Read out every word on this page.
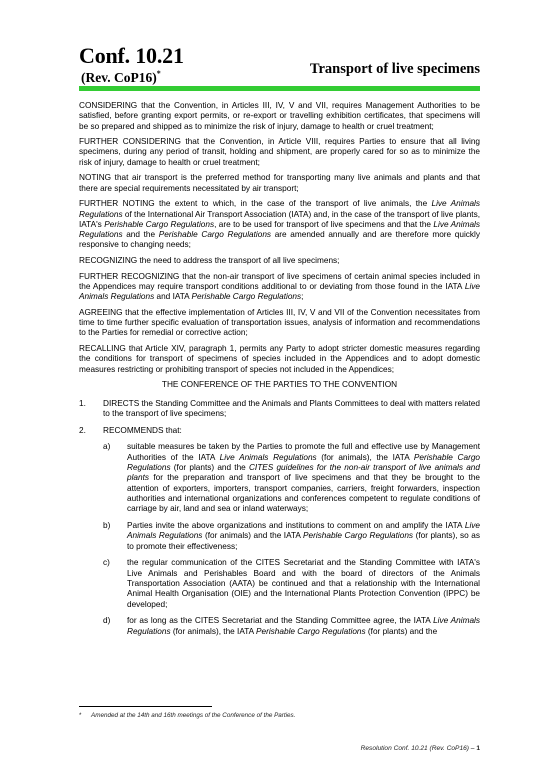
Conf. 10.21
(Rev. CoP16)*	Transport of live specimens

CONSIDERING that the Convention, in Articles III, IV, V and VII, requires Management Authorities to be satisfied, before granting export permits, or re-export or travelling exhibition certificates, that specimens will be so prepared and shipped as to minimize the risk of injury, damage to health or cruel treatment;

FURTHER CONSIDERING that the Convention, in Article VIII, requires Parties to ensure that all living specimens, during any period of transit, holding and shipment, are properly cared for so as to minimize the risk of injury, damage to health or cruel treatment;

NOTING that air transport is the preferred method for transporting many live animals and plants and that there are special requirements necessitated by air transport;

FURTHER NOTING the extent to which, in the case of the transport of live animals, the Live Animals Regulations of the International Air Transport Association (IATA) and, in the case of the transport of live plants, IATA's Perishable Cargo Regulations, are to be used for transport of live specimens and that the Live Animals Regulations and the Perishable Cargo Regulations are amended annually and are therefore more quickly responsive to changing needs;

RECOGNIZING the need to address the transport of all live specimens;

FURTHER RECOGNIZING that the non-air transport of live specimens of certain animal species included in the Appendices may require transport conditions additional to or deviating from those found in the IATA Live Animals Regulations and IATA Perishable Cargo Regulations;

AGREEING that the effective implementation of Articles III, IV, V and VII of the Convention necessitates from time to time further specific evaluation of transportation issues, analysis of information and recommendations to the Parties for remedial or corrective action;

RECALLING that Article XIV, paragraph 1, permits any Party to adopt stricter domestic measures regarding the conditions for transport of specimens of species included in the Appendices and to adopt domestic measures restricting or prohibiting transport of species not included in the Appendices;

THE CONFERENCE OF THE PARTIES TO THE CONVENTION

1. DIRECTS the Standing Committee and the Animals and Plants Committees to deal with matters related to the transport of live specimens;
2. RECOMMENDS that:
a) suitable measures be taken by the Parties to promote the full and effective use by Management Authorities of the IATA Live Animals Regulations (for animals), the IATA Perishable Cargo Regulations (for plants) and the CITES guidelines for the non-air transport of live animals and plants for the preparation and transport of live specimens and that they be brought to the attention of exporters, importers, transport companies, carriers, freight forwarders, inspection authorities and international organizations and conferences competent to regulate conditions of carriage by air, land and sea or inland waterways;
b) Parties invite the above organizations and institutions to comment on and amplify the IATA Live Animals Regulations (for animals) and the IATA Perishable Cargo Regulations (for plants), so as to promote their effectiveness;
c) the regular communication of the CITES Secretariat and the Standing Committee with IATA's Live Animals and Perishables Board and with the board of directors of the Animals Transportation Association (AATA) be continued and that a relationship with the International Animal Health Organisation (OIE) and the International Plants Protection Convention (IPPC) be developed;
d) for as long as the CITES Secretariat and the Standing Committee agree, the IATA Live Animals Regulations (for animals), the IATA Perishable Cargo Regulations (for plants) and the
* Amended at the 14th and 16th meetings of the Conference of the Parties.
Resolution Conf. 10.21 (Rev. CoP16) – 1
